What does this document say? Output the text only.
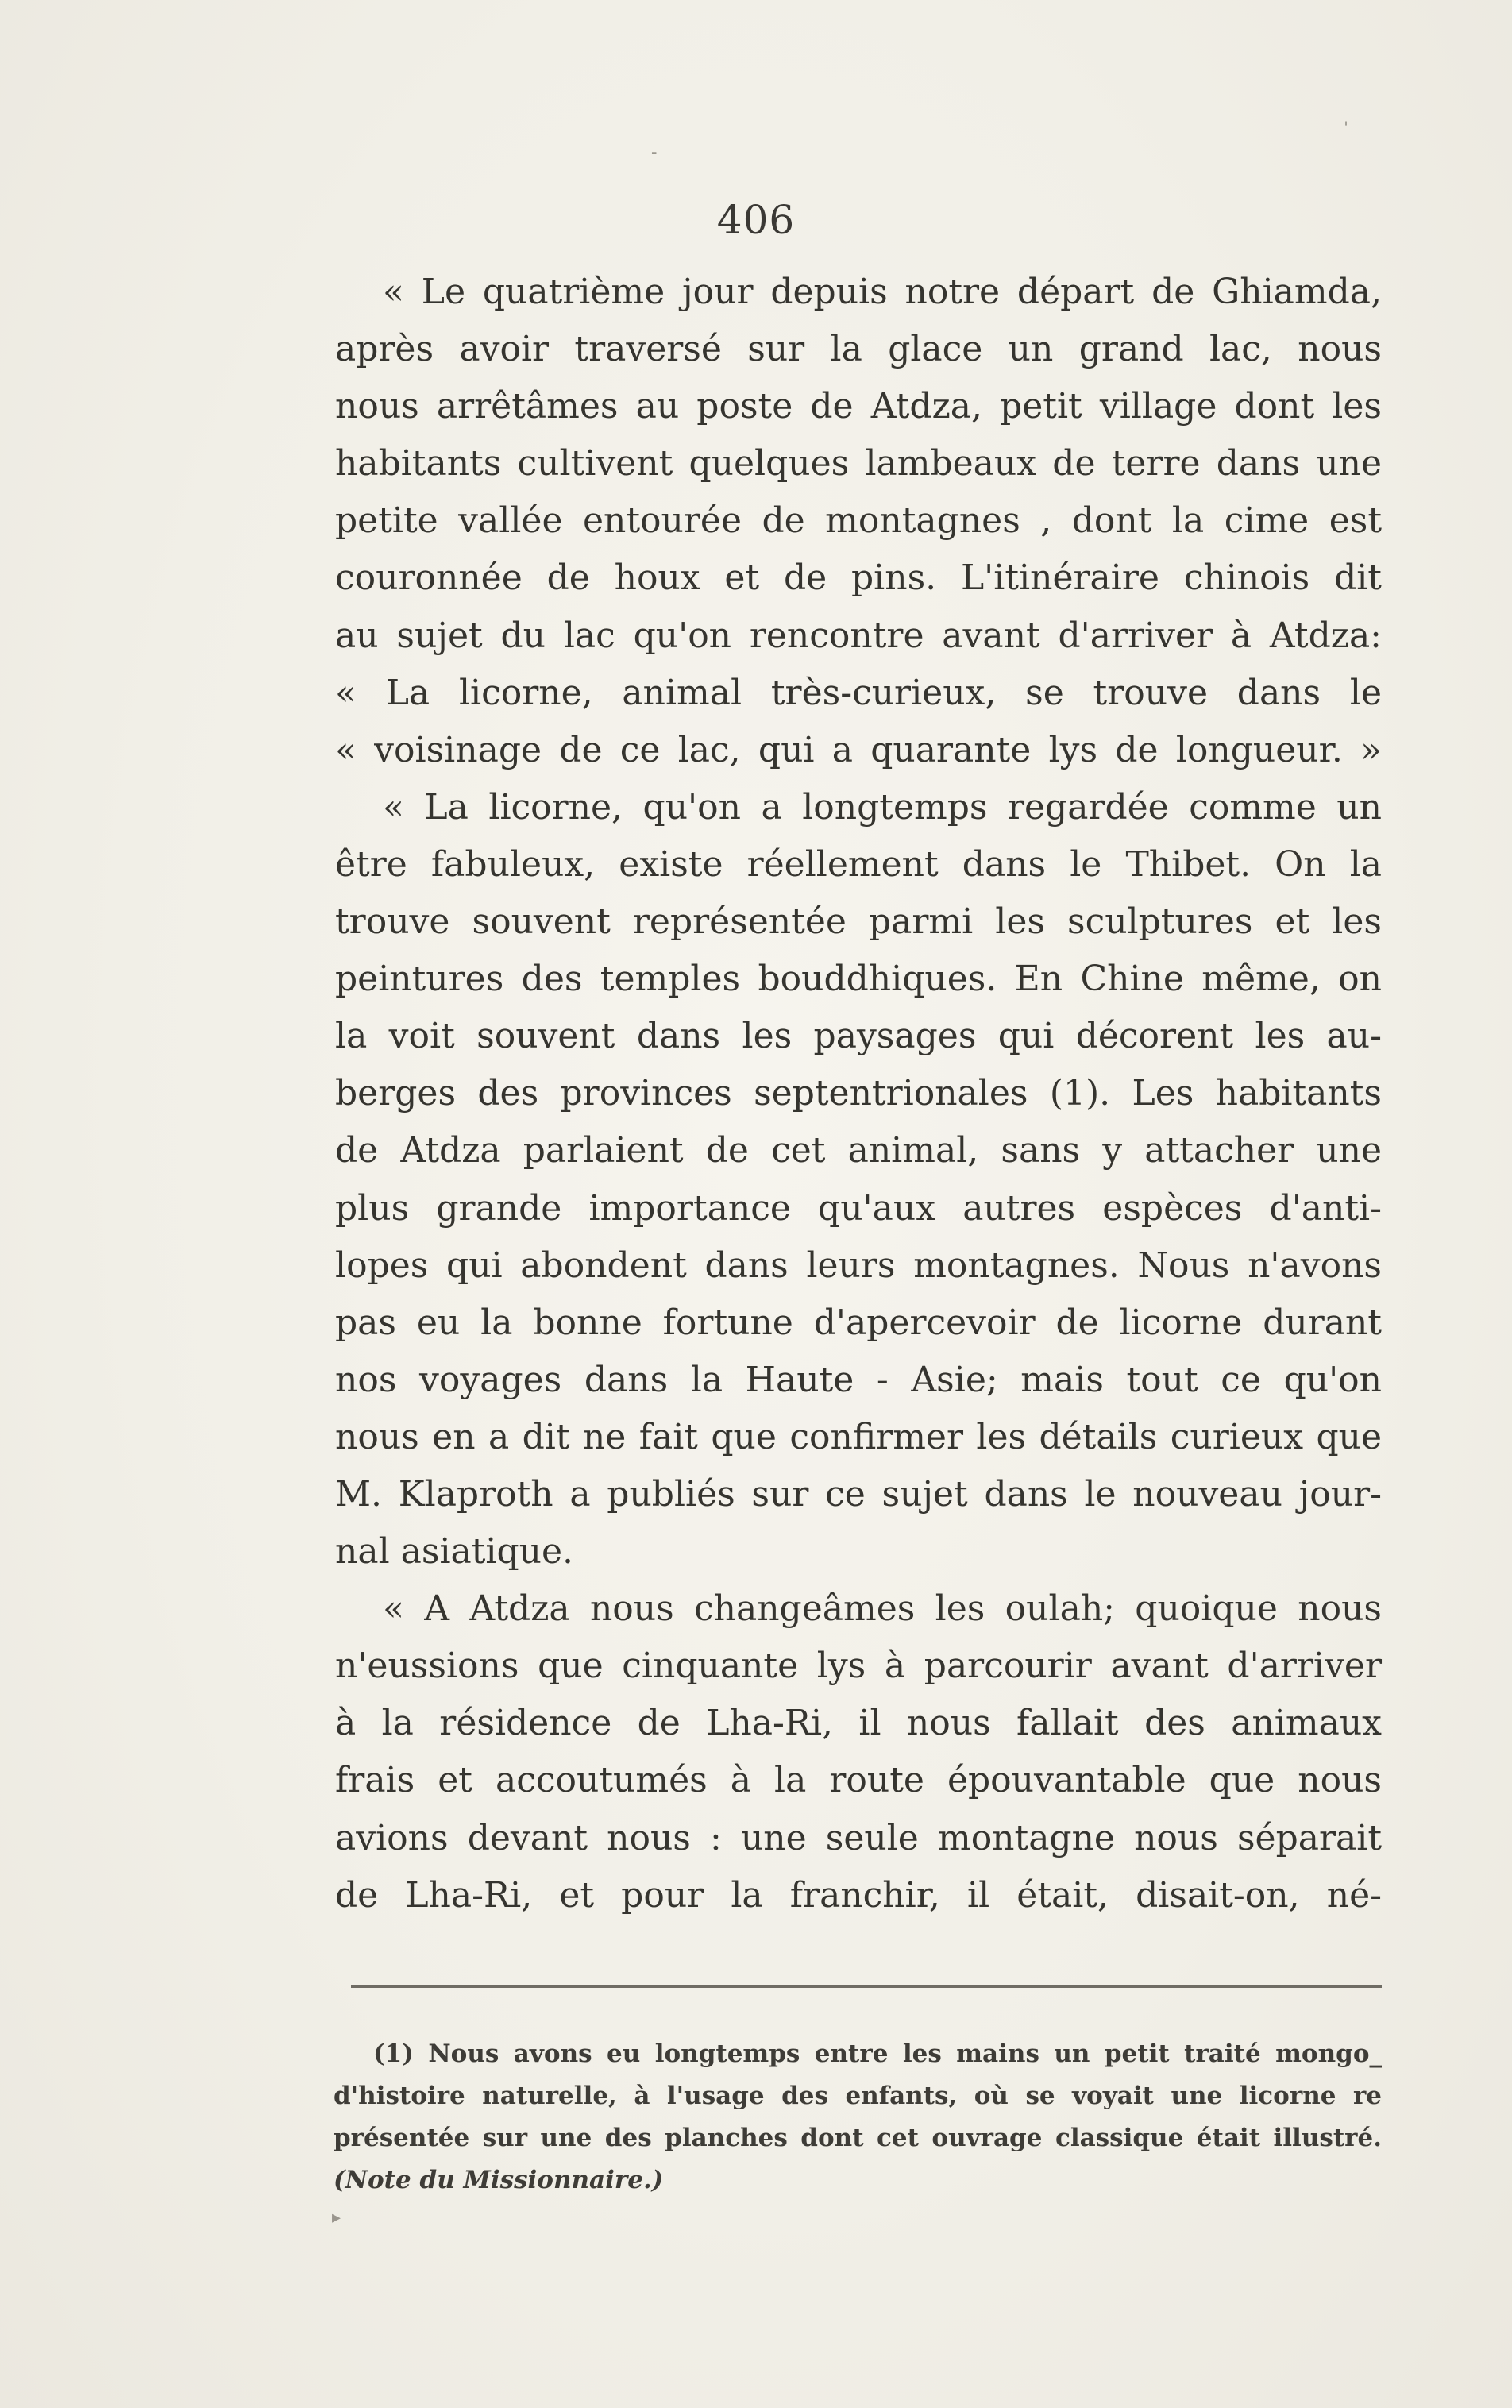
'
-
406
« Le quatrième jour depuis notre départ de Ghiamda,
après avoir traversé sur la glace un grand lac, nous
nous arrêtâmes au poste de Atdza, petit village dont les
habitants cultivent quelques lambeaux de terre dans une
petite vallée entourée de montagnes , dont la cime est
couronnée de houx et de pins. L'itinéraire chinois dit
au sujet du lac qu'on rencontre avant d'arriver à Atdza:
« La licorne, animal très-curieux, se trouve dans le
« voisinage de ce lac, qui a quarante lys de longueur. »
« La licorne, qu'on a longtemps regardée comme un
être fabuleux, existe réellement dans le Thibet. On la
trouve souvent représentée parmi les sculptures et les
peintures des temples bouddhiques. En Chine même, on
la voit souvent dans les paysages qui décorent les au-
berges des provinces septentrionales (1). Les habitants
de Atdza parlaient de cet animal, sans y attacher une
plus grande importance qu'aux autres espèces d'anti-
lopes qui abondent dans leurs montagnes. Nous n'avons
pas eu la bonne fortune d'apercevoir de licorne durant
nos voyages dans la Haute - Asie; mais tout ce qu'on
nous en a dit ne fait que confirmer les détails curieux que
M. Klaproth a publiés sur ce sujet dans le nouveau jour-
nal asiatique.
« A Atdza nous changeâmes les oulah; quoique nous
n'eussions que cinquante lys à parcourir avant d'arriver
à la résidence de Lha-Ri, il nous fallait des animaux
frais et accoutumés à la route épouvantable que nous
avions devant nous : une seule montagne nous séparait
de Lha-Ri, et pour la franchir, il était, disait-on, né-
(1) Nous avons eu longtemps entre les mains un petit traité mongo_
d'histoire naturelle, à l'usage des enfants, où se voyait une licorne re
présentée sur une des planches dont cet ouvrage classique était illustré.
(Note du Missionnaire.)
▸
